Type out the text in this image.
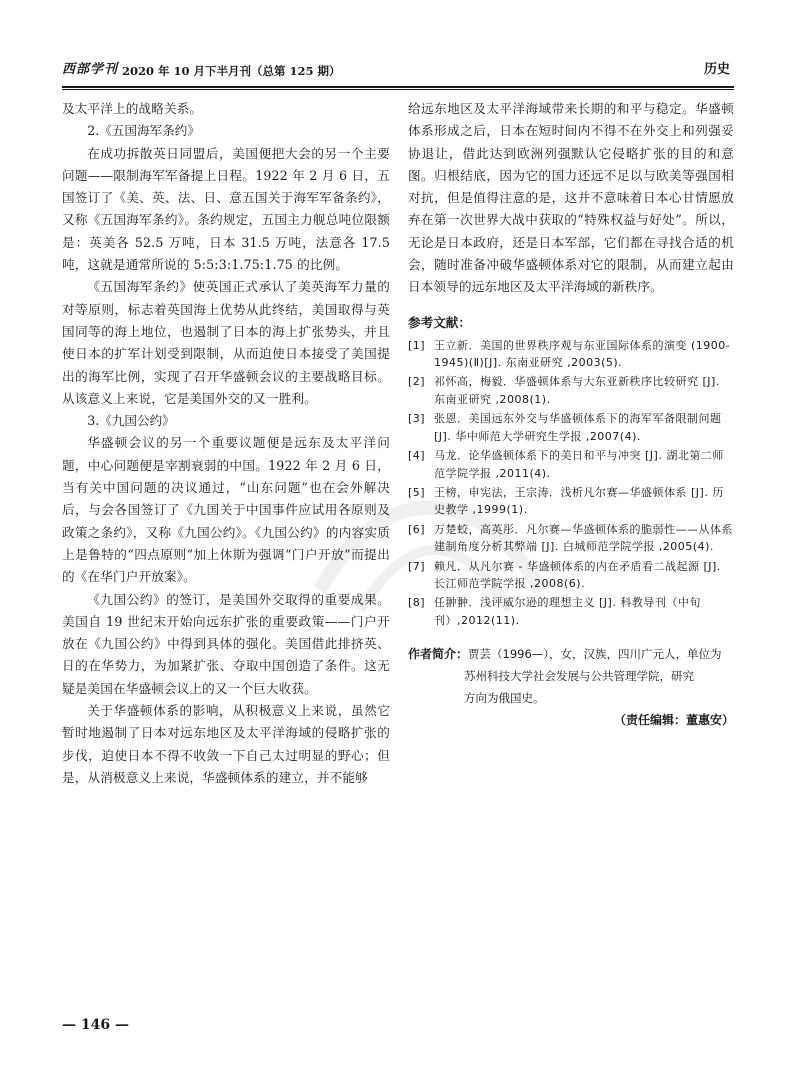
西部学刊 2020 年 10 月下半月刊（总第 125 期）	历史

及太平洋上的战略关系。

2.《五国海军条约》

在成功拆散英日同盟后，美国便把大会的另一个主要问题——限制海军军备提上日程。1922 年 2 月 6 日，五国签订了《美、英、法、日、意五国关于海军军备条约》，又称《五国海军条约》。条约规定，五国主力舰总吨位限额是：英美各 52.5 万吨，日本 31.5 万吨，法意各 17.5 吨，这就是通常所说的 5:5:3:1.75:1.75 的比例。

《五国海军条约》使英国正式承认了美英海军力量的对等原则，标志着英国海上优势从此终结，美国取得与英国同等的海上地位，也遏制了日本的海上扩张势头，并且使日本的扩军计划受到限制，从而迫使日本接受了美国提出的海军比例，实现了召开华盛顿会议的主要战略目标。从该意义上来说，它是美国外交的又一胜利。

3.《九国公约》

华盛顿会议的另一个重要议题便是远东及太平洋问题，中心问题便是宰割衰弱的中国。1922 年 2 月 6 日，当有关中国问题的决议通过，“山东问题”也在会外解决后，与会各国签订了《九国关于中国事件应试用各原则及政策之条约》，又称《九国公约》。《九国公约》的内容实质上是鲁特的“四点原则”加上休斯为强调“门户开放”而提出的《在华门户开放案》。

《九国公约》的签订，是美国外交取得的重要成果。美国自 19 世纪末开始向远东扩张的重要政策——门户开放在《九国公约》中得到具体的强化。美国借此排挤英、日的在华势力，为加紧扩张、夺取中国创造了条件。这无疑是美国在华盛顿会议上的又一个巨大收获。

关于华盛顿体系的影响，从积极意义上来说，虽然它暂时地遏制了日本对远东地区及太平洋海域的侵略扩张的步伐，迫使日本不得不收敛一下自己太过明显的野心；但是，从消极意义上来说，华盛顿体系的建立，并不能够

给远东地区及太平洋海域带来长期的和平与稳定。华盛顿体系形成之后，日本在短时间内不得不在外交上和列强妥协退让，借此达到欧洲列强默认它侵略扩张的目的和意图。归根结底，因为它的国力还远不足以与欧美等强国相对抗，但是值得注意的是，这并不意味着日本心甘情愿放弃在第一次世界大战中获取的“特殊权益与好处”。所以，无论是日本政府，还是日本军部，它们都在寻找合适的机会，随时准备冲破华盛顿体系对它的限制，从而建立起由日本领导的远东地区及太平洋海域的新秩序。

参考文献：

[1] 王立新．美国的世界秩序观与东亚国际体系的演变 (1900-1945)(Ⅱ)[J]. 东南亚研究 ,2003(5).

[2] 祁怀高，梅毅．华盛顿体系与大东亚新秩序比较研究 [J]. 东南亚研究 ,2008(1).

[3] 张恩．美国远东外交与华盛顿体系下的海军军备限制问题 [J]. 华中师范大学研究生学报 ,2007(4).

[4] 马龙．论华盛顿体系下的美日和平与冲突 [J]. 湖北第二师范学院学报 ,2011(4).

[5] 王榜，申宪法，王宗涛．浅析凡尔赛—华盛顿体系 [J]. 历史教学 ,1999(1).

[6] 万楚蛟，高英彤．凡尔赛—华盛顿体系的脆弱性——从体系建制角度分析其弊端 [J]. 白城师范学院学报 ,2005(4).

[7] 赖凡．从凡尔赛 - 华盛顿体系的内在矛盾看二战起源 [J]. 长江师范学院学报 ,2008(6).

[8] 任翀翀．浅评威尔逊的理想主义 [J]. 科教导刊（中旬刊）,2012(11).

作者简介：贾芸（1996—），女，汉族，四川广元人，单位为
苏州科技大学社会发展与公共管理学院，研究
方向为俄国史。
（责任编辑：董惠安）
— 146 —
